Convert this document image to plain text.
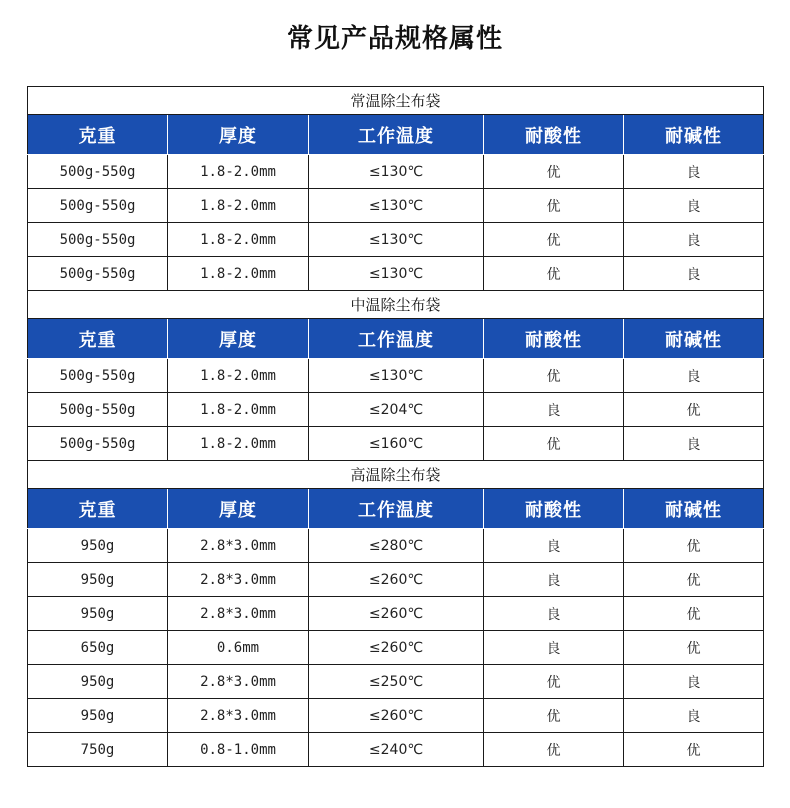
常见产品规格属性
常温除尘布袋				
克重	厚度	工作温度	耐酸性	耐碱性
500g-550g	1.8-2.0mm	≤130℃	优	良
500g-550g	1.8-2.0mm	≤130℃	优	良
500g-550g	1.8-2.0mm	≤130℃	优	良
500g-550g	1.8-2.0mm	≤130℃	优	良
中温除尘布袋				
克重	厚度	工作温度	耐酸性	耐碱性
500g-550g	1.8-2.0mm	≤130℃	优	良
500g-550g	1.8-2.0mm	≤204℃	良	优
500g-550g	1.8-2.0mm	≤160℃	优	良
高温除尘布袋				
克重	厚度	工作温度	耐酸性	耐碱性
950g	2.8*3.0mm	≤280℃	良	优
950g	2.8*3.0mm	≤260℃	良	优
950g	2.8*3.0mm	≤260℃	良	优
650g	0.6mm	≤260℃	良	优
950g	2.8*3.0mm	≤250℃	优	良
950g	2.8*3.0mm	≤260℃	优	良
750g	0.8-1.0mm	≤240℃	优	优
